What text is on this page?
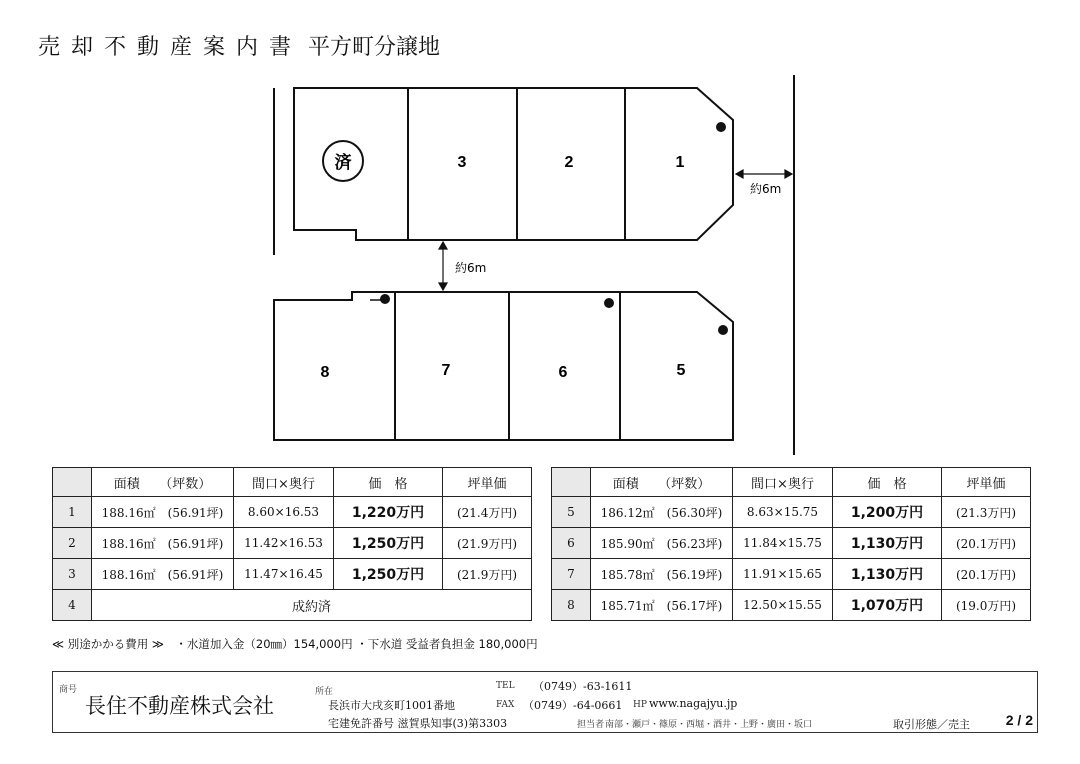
売 却 不 動 産 案 内 書 平方町分譲地
済	3	2	1
8	7	6	5
約6m
約6m
	面積　　 （坪数）	間口×奥行	価　格	坪単価
1	188.16㎡　 (56.91坪)	8.60×16.53	1,220万円	(21.4万円)
2	188.16㎡　 (56.91坪)	11.42×16.53	1,250万円	(21.9万円)
3	188.16㎡　 (56.91坪)	11.47×16.45	1,250万円	(21.9万円)
4	成約済			
	面積　　 （坪数）	間口×奥行	価　格	坪単価
5	186.12㎡　 (56.30坪)	8.63×15.75	1,200万円	(21.3万円)
6	185.90㎡　 (56.23坪)	11.84×15.75	1,130万円	(20.1万円)
7	185.78㎡　 (56.19坪)	11.91×15.65	1,130万円	(20.1万円)
8	185.71㎡　 (56.17坪)	12.50×15.55	1,070万円	(19.0万円)
≪ 別途かかる費用 ≫　・水道加入金（20㎜）154,000円 ・下水道 受益者負担金 180,000円
商号
長住不動産株式会社
所在
長浜市大戌亥町1001番地
TEL （0749）-63-1611
FAX （0749）-64-0661 HP www.nagajyu.jp
宅建免許番号 滋賀県知事(3)第3303	担当者 南部・瀬戸・篠原・西堀・酒井・上野・廣田・坂口	取引形態／売主	2 / 2
